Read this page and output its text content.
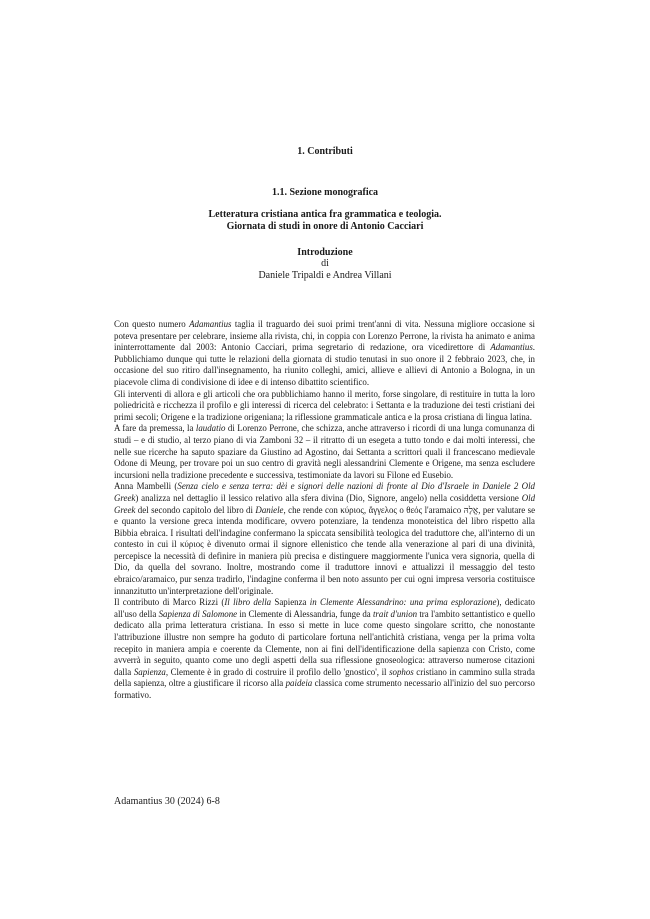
1. Contributi
1.1. Sezione monografica
Letteratura cristiana antica fra grammatica e teologia.
Giornata di studi in onore di Antonio Cacciari
Introduzione
di
Daniele Tripaldi e Andrea Villani

Con questo numero Adamantius taglia il traguardo dei suoi primi trent'anni di vita. Nessuna migliore occasione si poteva presentare per celebrare, insieme alla rivista, chi, in coppia con Lorenzo Perrone, la rivista ha animato e anima ininterrottamente dal 2003: Antonio Cacciari, prima segretario di redazione, ora vicedirettore di Adamantius. Pubblichiamo dunque qui tutte le relazioni della giornata di studio tenutasi in suo onore il 2 febbraio 2023, che, in occasione del suo ritiro dall'insegnamento, ha riunito colleghi, amici, allieve e allievi di Antonio a Bologna, in un piacevole clima di condivisione di idee e di intenso dibattito scientifico.

Gli interventi di allora e gli articoli che ora pubblichiamo hanno il merito, forse singolare, di restituire in tutta la loro poliedricità e ricchezza il profilo e gli interessi di ricerca del celebrato: i Settanta e la traduzione dei testi cristiani dei primi secoli; Origene e la tradizione origeniana; la riflessione grammaticale antica e la prosa cristiana di lingua latina.

A fare da premessa, la laudatio di Lorenzo Perrone, che schizza, anche attraverso i ricordi di una lunga comunanza di studi – e di studio, al terzo piano di via Zamboni 32 – il ritratto di un esegeta a tutto tondo e dai molti interessi, che nelle sue ricerche ha saputo spaziare da Giustino ad Agostino, dai Settanta a scrittori quali il francescano medievale Odone di Meung, per trovare poi un suo centro di gravità negli alessandrini Clemente e Origene, ma senza escludere incursioni nella tradizione precedente e successiva, testimoniate da lavori su Filone ed Eusebio.

Anna Mambelli (Senza cielo e senza terra: dèi e signori delle nazioni di fronte al Dio d'Israele in Daniele 2 Old Greek) analizza nel dettaglio il lessico relativo alla sfera divina (Dio, Signore, angelo) nella cosiddetta versione Old Greek del secondo capitolo del libro di Daniele, che rende con κύριος, ἄγγελος o θεός l'aramaico אֱלָהּ, per valutare se e quanto la versione greca intenda modificare, ovvero potenziare, la tendenza monoteistica del libro rispetto alla Bibbia ebraica. I risultati dell'indagine confermano la spiccata sensibilità teologica del traduttore che, all'interno di un contesto in cui il κύριος è divenuto ormai il signore ellenistico che tende alla venerazione al pari di una divinità, percepisce la necessità di definire in maniera più precisa e distinguere maggiormente l'unica vera signoria, quella di Dio, da quella del sovrano. Inoltre, mostrando come il traduttore innovi e attualizzi il messaggio del testo ebraico/aramaico, pur senza tradirlo, l'indagine conferma il ben noto assunto per cui ogni impresa versoria costituisce innanzitutto un'interpretazione dell'originale.

Il contributo di Marco Rizzi (Il libro della Sapienza in Clemente Alessandrino: una prima esplorazione), dedicato all'uso della Sapienza di Salomone in Clemente di Alessandria, funge da trait d'union tra l'ambito settantistico e quello dedicato alla prima letteratura cristiana. In esso si mette in luce come questo singolare scritto, che nonostante l'attribuzione illustre non sempre ha goduto di particolare fortuna nell'antichità cristiana, venga per la prima volta recepito in maniera ampia e coerente da Clemente, non ai fini dell'identificazione della sapienza con Cristo, come avverrà in seguito, quanto come uno degli aspetti della sua riflessione gnoseologica: attraverso numerose citazioni dalla Sapienza, Clemente è in grado di costruire il profilo dello 'gnostico', il sophos cristiano in cammino sulla strada della sapienza, oltre a giustificare il ricorso alla paideia classica come strumento necessario all'inizio del suo percorso formativo.

Adamantius 30 (2024) 6-8
